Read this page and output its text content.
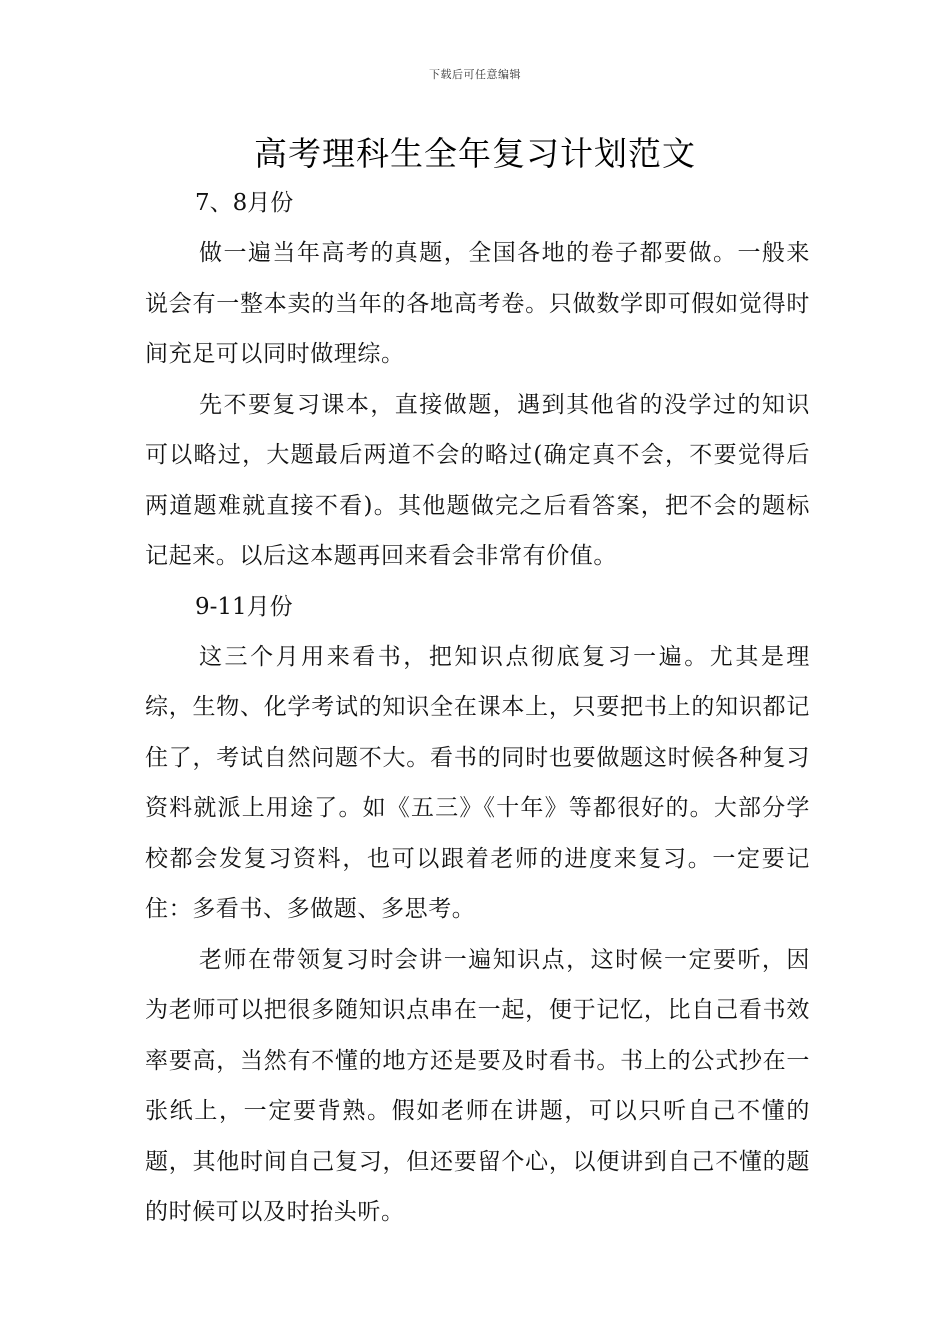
下载后可任意编辑
高考理科生全年复习计划范文

7、8月份

做一遍当年高考的真题，全国各地的卷子都要做。一般来说会有一整本卖的当年的各地高考卷。只做数学即可假如觉得时间充足可以同时做理综。

先不要复习课本，直接做题，遇到其他省的没学过的知识可以略过，大题最后两道不会的略过(确定真不会，不要觉得后两道题难就直接不看)。其他题做完之后看答案，把不会的题标记起来。以后这本题再回来看会非常有价值。

9-11月份

这三个月用来看书，把知识点彻底复习一遍。尤其是理综，生物、化学考试的知识全在课本上，只要把书上的知识都记住了，考试自然问题不大。看书的同时也要做题这时候各种复习资料就派上用途了。如《五三》《十年》等都很好的。大部分学校都会发复习资料，也可以跟着老师的进度来复习。一定要记住：多看书、多做题、多思考。

老师在带领复习时会讲一遍知识点，这时候一定要听，因为老师可以把很多随知识点串在一起，便于记忆，比自己看书效率要高，当然有不懂的地方还是要及时看书。书上的公式抄在一张纸上，一定要背熟。假如老师在讲题，可以只听自己不懂的题，其他时间自己复习，但还要留个心，以便讲到自己不懂的题的时候可以及时抬头听。
